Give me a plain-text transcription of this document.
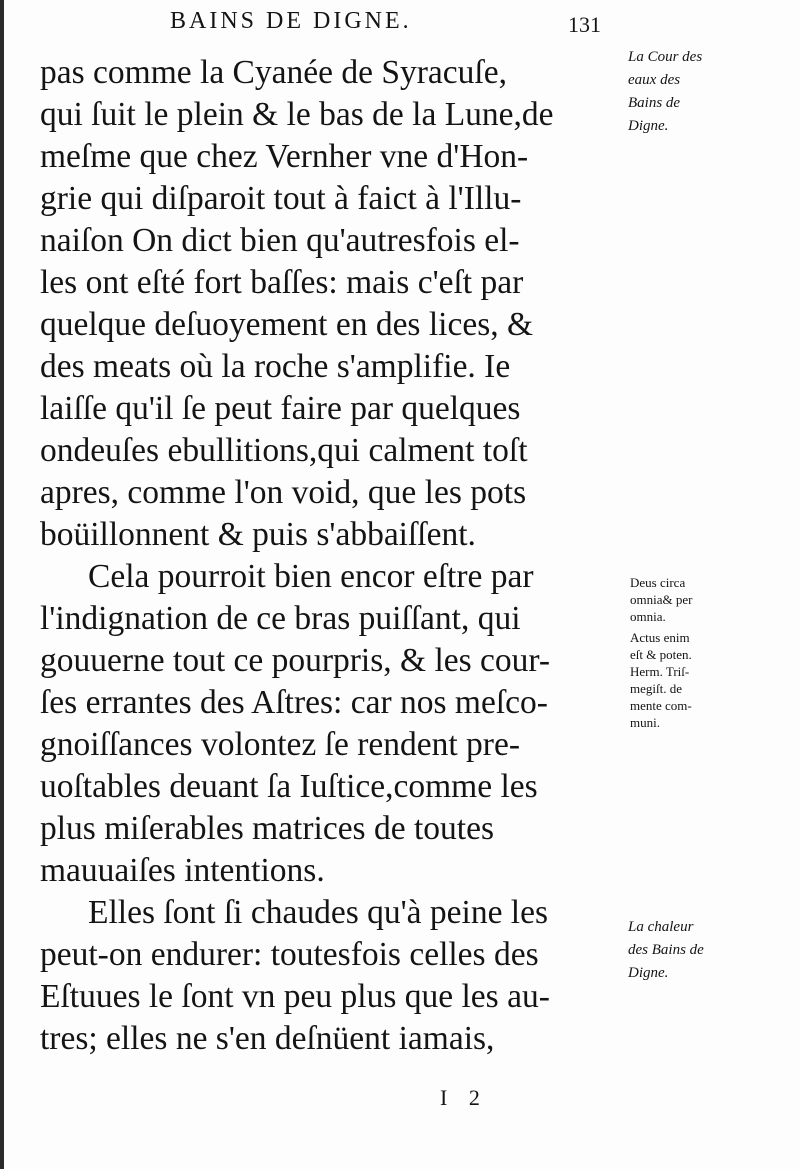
BAINS DE DIGNE.	131
pas comme la Cyanée de Syracuſe,
qui ſuit le plein & le bas de la Lune,de
meſme que chez Vernher vne d'Hon-
grie qui diſparoit tout à faict à l'Illu-
naiſon On dict bien qu'autresfois el-
les ont eſté fort baſſes: mais c'eſt par
quelque deſuoyement en des lices, &
des meats où la roche s'amplifie. Ie
laiſſe qu'il ſe peut faire par quelques
ondeuſes ebullitions,qui calment toſt
apres, comme l'on void, que les pots
boüillonnent & puis s'abbaiſſent.
Cela pourroit bien encor eſtre par
l'indignation de ce bras puiſſant, qui
gouuerne tout ce pourpris, & les cour-
ſes errantes des Aſtres: car nos meſco-
gnoiſſances volontez ſe rendent pre-
uoſtables deuant ſa Iuſtice,comme les
plus miſerables matrices de toutes
mauuaiſes intentions.
Elles ſont ſi chaudes qu'à peine les
peut-on endurer: toutesfois celles des
Eſtuues le ſont vn peu plus que les au-
tres; elles ne s'en deſnüent iamais,
La Cour des
eaux des
Bains de
Digne.
Deus circa
omnia& per
omnia.
Actus enim
eſt & poten.
Herm. Triſ-
megiſt. de
mente com-
muni.
La chaleur
des Bains de
Digne.
I 2
